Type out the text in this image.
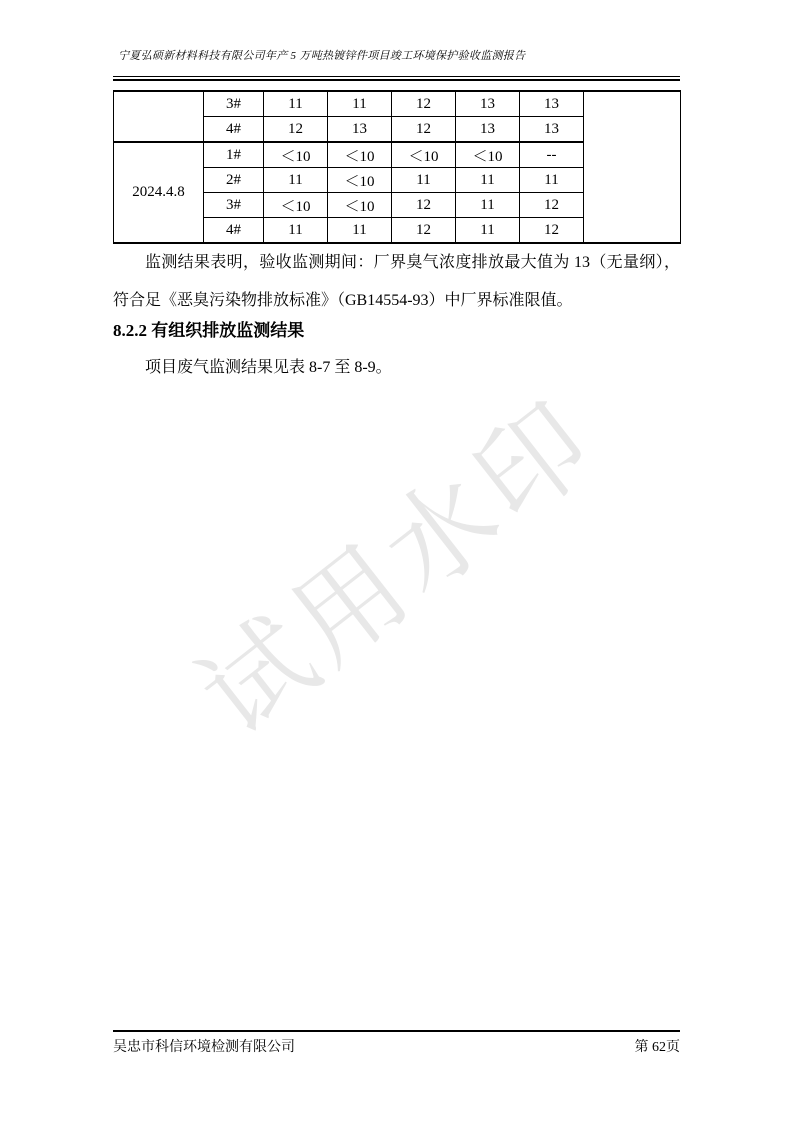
试用水印
宁夏弘硕新材料科技有限公司年产 5 万吨热镀锌件项目竣工环境保护验收监测报告
	3#	11	11	12	13	13	
	4#	12	13	12	13	13	
2024.4.8	1#	＜10	＜10	＜10	＜10	--	
	2#	11	＜10	11	11	11	
	3#	＜10	＜10	12	11	12	
	4#	11	11	12	11	12	
监测结果表明，验收监测期间：厂界臭气浓度排放最大值为 13（无量纲），符合足《恶臭污染物排放标准》（GB14554-93）中厂界标准限值。
8.2.2 有组织排放监测结果
项目废气监测结果见表 8-7 至 8-9。
吴忠市科信环境检测有限公司	第 62页
